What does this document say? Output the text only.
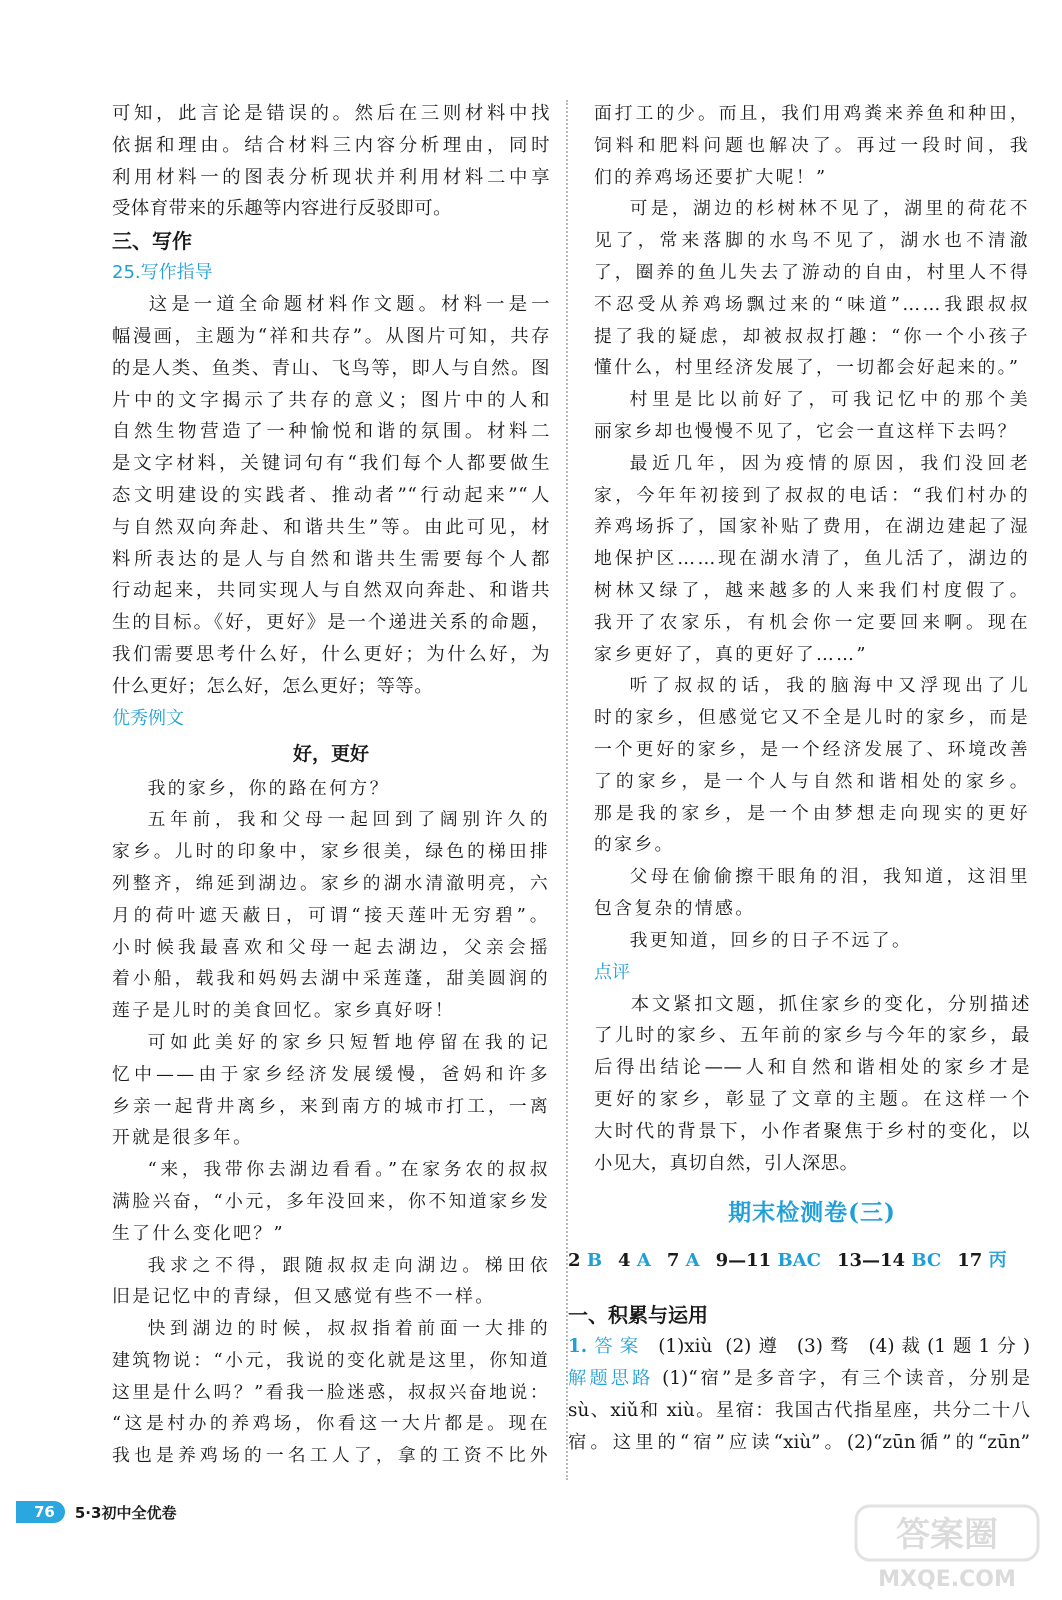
可知，此言论是错误的。然后在三则材料中找

依据和理由。结合材料三内容分析理由，同时

利用材料一的图表分析现状并利用材料二中享

受体育带来的乐趣等内容进行反驳即可。

三、写作

25.写作指导

这是一道全命题材料作文题。材料一是一

幅漫画，主题为“祥和共存”。从图片可知，共存

的是人类、鱼类、青山、飞鸟等，即人与自然。图

片中的文字揭示了共存的意义；图片中的人和

自然生物营造了一种愉悦和谐的氛围。材料二

是文字材料，关键词句有“我们每个人都要做生

态文明建设的实践者、推动者”“行动起来”“人

与自然双向奔赴、和谐共生”等。由此可见，材

料所表达的是人与自然和谐共生需要每个人都

行动起来，共同实现人与自然双向奔赴、和谐共

生的目标。《好，更好》是一个递进关系的命题，

我们需要思考什么好，什么更好；为什么好，为

什么更好；怎么好，怎么更好；等等。

优秀例文

好，更好

我的家乡，你的路在何方？

五年前，我和父母一起回到了阔别许久的

家乡。儿时的印象中，家乡很美，绿色的梯田排

列整齐，绵延到湖边。家乡的湖水清澈明亮，六

月的荷叶遮天蔽日，可谓“接天莲叶无穷碧”。

小时候我最喜欢和父母一起去湖边，父亲会摇

着小船，载我和妈妈去湖中采莲蓬，甜美圆润的

莲子是儿时的美食回忆。家乡真好呀！

可如此美好的家乡只短暂地停留在我的记

忆中——由于家乡经济发展缓慢，爸妈和许多

乡亲一起背井离乡，来到南方的城市打工，一离

开就是很多年。

“来，我带你去湖边看看。”在家务农的叔叔

满脸兴奋，“小元，多年没回来，你不知道家乡发

生了什么变化吧？”

我求之不得，跟随叔叔走向湖边。梯田依

旧是记忆中的青绿，但又感觉有些不一样。

快到湖边的时候，叔叔指着前面一大排的

建筑物说：“小元，我说的变化就是这里，你知道

这里是什么吗？”看我一脸迷惑，叔叔兴奋地说：

“这是村办的养鸡场，你看这一大片都是。现在

我也是养鸡场的一名工人了，拿的工资不比外

面打工的少。而且，我们用鸡粪来养鱼和种田，

饲料和肥料问题也解决了。再过一段时间，我

们的养鸡场还要扩大呢！”

可是，湖边的杉树林不见了，湖里的荷花不

见了，常来落脚的水鸟不见了，湖水也不清澈

了，圈养的鱼儿失去了游动的自由，村里人不得

不忍受从养鸡场飘过来的“味道”……我跟叔叔

提了我的疑虑，却被叔叔打趣：“你一个小孩子

懂什么，村里经济发展了，一切都会好起来的。”

村里是比以前好了，可我记忆中的那个美

丽家乡却也慢慢不见了，它会一直这样下去吗？

最近几年，因为疫情的原因，我们没回老

家，今年年初接到了叔叔的电话：“我们村办的

养鸡场拆了，国家补贴了费用，在湖边建起了湿

地保护区……现在湖水清了，鱼儿活了，湖边的

树林又绿了，越来越多的人来我们村度假了。

我开了农家乐，有机会你一定要回来啊。现在

家乡更好了，真的更好了……”

听了叔叔的话，我的脑海中又浮现出了儿

时的家乡，但感觉它又不全是儿时的家乡，而是

一个更好的家乡，是一个经济发展了、环境改善

了的家乡，是一个人与自然和谐相处的家乡。

那是我的家乡，是一个由梦想走向现实的更好

的家乡。

父母在偷偷擦干眼角的泪，我知道，这泪里

包含复杂的情感。

我更知道，回乡的日子不远了。

点评

本文紧扣文题，抓住家乡的变化，分别描述

了儿时的家乡、五年前的家乡与今年的家乡，最

后得出结论——人和自然和谐相处的家乡才是

更好的家乡，彰显了文章的主题。在这样一个

大时代的背景下，小作者聚焦于乡村的变化，以

小见大，真切自然，引人深思。

期末检测卷(三)

2 B 4 A 7 A 9—11 BAC 13—14 BC 17 丙

一、积累与运用

1.答案 (1)xiù (2)遵 (3)骛 (4)裁(1题1分)

解题思路 (1)“宿”是多音字，有三个读音，分别是

sù、xiǔ和 xiù。星宿：我国古代指星座，共分二十八

宿。这里的“宿”应读“xiù”。(2)“zūn循”的“zūn”

76	5·3初中全优卷
答案圈
MXQE.COM
